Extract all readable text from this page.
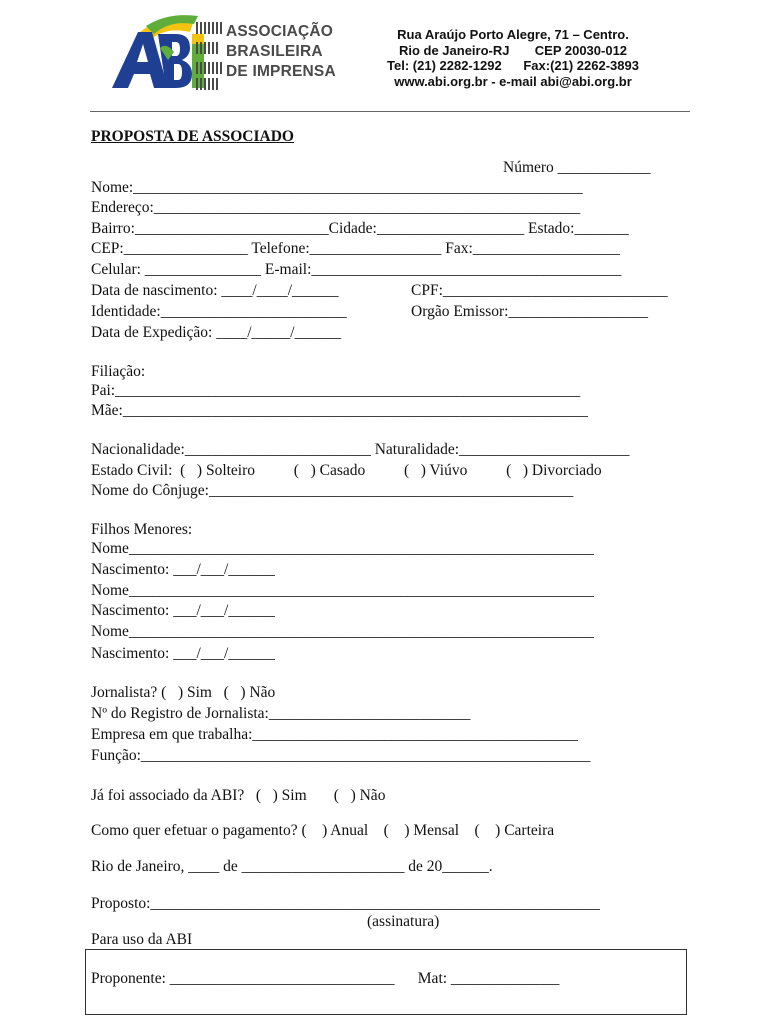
ASSOCIAÇÃO
BRASILEIRA
DE IMPRENSA
Rua Araújo Porto Alegre, 71 – Centro.
Rio de Janeiro-RJ       CEP 20030-012
Tel: (21) 2282-1292      Fax:(21) 2262-3893
www.abi.org.br - e-mail abi@abi.org.br
PROPOSTA DE ASSOCIADO
Número ____________
Nome:__________________________________________________________
Endereço:_______________________________________________________
Bairro:_________________________Cidade:___________________ Estado:_______
CEP:________________ Telefone:_________________ Fax:___________________
Celular: _______________ E-mail:________________________________________
Data de nascimento: ____/____/______	CPF:_____________________________
Identidade:________________________	Orgão Emissor:__________________
Data de Expedição: ____/_____/______
Filiação:
Pai:____________________________________________________________
Mãe:____________________________________________________________
Nacionalidade:________________________ Naturalidade:______________________
Estado Civil:  (   ) Solteiro          (   ) Casado          (   ) Viúvo          (   ) Divorciado
Nome do Cônjuge:_______________________________________________
Filhos Menores:
Nome____________________________________________________________
Nascimento: ___/___/______
Nome____________________________________________________________
Nascimento: ___/___/______
Nome____________________________________________________________
Nascimento: ___/___/______
Jornalista? (   ) Sim   (   ) Não
Nº do Registro de Jornalista:__________________________
Empresa em que trabalha:__________________________________________
Função:__________________________________________________________
Já foi associado da ABI?   (   ) Sim       (   ) Não
Como quer efetuar o pagamento? (    ) Anual    (    ) Mensal    (    ) Carteira
Rio de Janeiro, ____ de _____________________ de 20______.
Proposto:__________________________________________________________
(assinatura)
Para uso da ABI
Proponente: _____________________________      Mat: ______________
